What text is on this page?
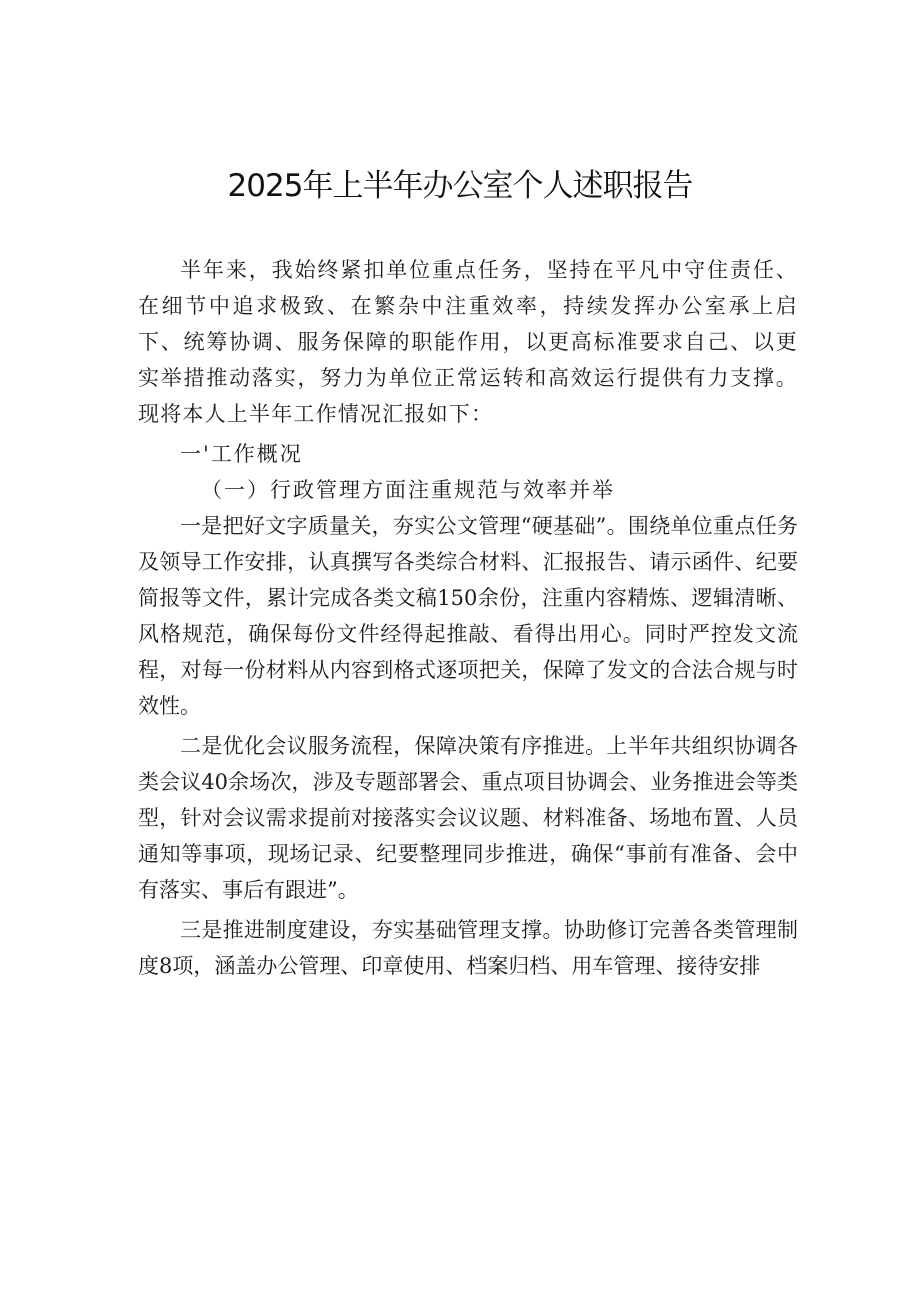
2025年上半年办公室个人述职报告

半年来，我始终紧扣单位重点任务，坚持在平凡中守住责任、在细节中追求极致、在繁杂中注重效率，持续发挥办公室承上启下、统筹协调、服务保障的职能作用，以更高标准要求自己、以更实举措推动落实，努力为单位正常运转和高效运行提供有力支撑。现将本人上半年工作情况汇报如下：

一'工作概况

（一）行政管理方面注重规范与效率并举

一是把好文字质量关，夯实公文管理“硬基础”。围绕单位重点任务及领导工作安排，认真撰写各类综合材料、汇报报告、请示函件、纪要简报等文件，累计完成各类文稿150余份，注重内容精炼、逻辑清晰、风格规范，确保每份文件经得起推敲、看得出用心。同时严控发文流程，对每一份材料从内容到格式逐项把关，保障了发文的合法合规与时效性。

二是优化会议服务流程，保障决策有序推进。上半年共组织协调各类会议40余场次，涉及专题部署会、重点项目协调会、业务推进会等类型，针对会议需求提前对接落实会议议题、材料准备、场地布置、人员通知等事项，现场记录、纪要整理同步推进，确保“事前有准备、会中有落实、事后有跟进”。

三是推进制度建设，夯实基础管理支撑。协助修订完善各类管理制度8项，涵盖办公管理、印章使用、档案归档、用车管理、接待安排
